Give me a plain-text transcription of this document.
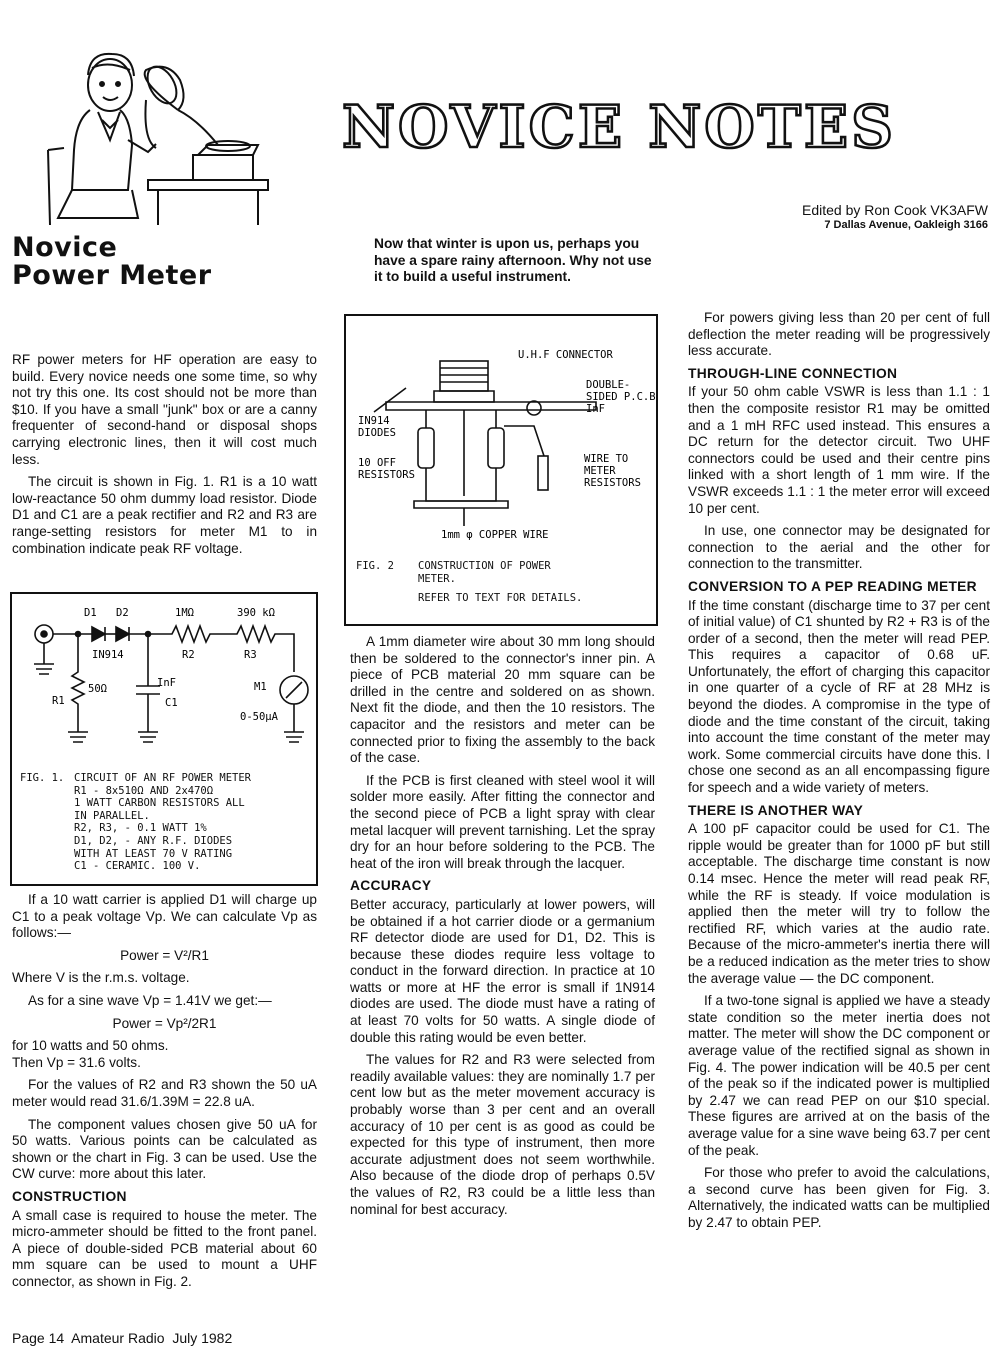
NOVICE NOTES
Edited by Ron Cook VK3AFW
7 Dallas Avenue, Oakleigh 3166
Novice
Power Meter
Now that winter is upon us, perhaps you have a spare rainy afternoon. Why not use it to build a useful instrument.

RF power meters for HF operation are easy to build. Every novice needs one some time, so why not try this one. Its cost should not be more than $10. If you have a small "junk" box or are a canny frequenter of second-hand or disposal shops carrying electronic lines, then it will cost much less.

The circuit is shown in Fig. 1. R1 is a 10 watt low-reactance 50 ohm dummy load resistor. Diode D1 and C1 are a peak rectifier and R2 and R3 are range-setting resistors for meter M1 to in combination indicate peak RF voltage.

D1 D2	1MΩ	390 kΩ
IN914	R2	R3
InF
C1
50Ω
R1
M1
0-50µA
FIG. 1. CIRCUIT OF AN RF POWER METER
R1 - 8x510Ω AND 2x470Ω
1 WATT CARBON RESISTORS ALL
IN PARALLEL.
R2, R3, - 0.1 WATT 1%
D1, D2, - ANY R.F. DIODES
WITH AT LEAST 70 V RATING
C1 - CERAMIC. 100 V.

If a 10 watt carrier is applied D1 will charge up C1 to a peak voltage Vp. We can calculate Vp as follows:—

Power = V²/R1

Where V is the r.m.s. voltage.

As for a sine wave Vp = 1.41V we get:—

Power = Vp²/2R1

for 10 watts and 50 ohms.

Then Vp = 31.6 volts.

For the values of R2 and R3 shown the 50 uA meter would read 31.6/1.39M = 22.8 uA.

The component values chosen give 50 uA for 50 watts. Various points can be calculated as shown or the chart in Fig. 3 can be used. Use the CW curve: more about this later.

CONSTRUCTION

A small case is required to house the meter. The micro-ammeter should be fitted to the front panel. A piece of double-sided PCB material about 60 mm square can be used to mount a UHF connector, as shown in Fig. 2.

U.H.F CONNECTOR
DOUBLE-
SIDED P.C.B
InF
IN914
DIODES
10 OFF
RESISTORS
WIRE TO
METER
RESISTORS
1mm φ COPPER WIRE
FIG. 2 CONSTRUCTION OF POWER
METER.
REFER TO TEXT FOR DETAILS.

A 1mm diameter wire about 30 mm long should then be soldered to the connector's inner pin. A piece of PCB material 20 mm square can be drilled in the centre and soldered on as shown. Next fit the diode, and then the 10 resistors. The capacitor and the resistors and meter can be connected prior to fixing the assembly to the back of the case.

If the PCB is first cleaned with steel wool it will solder more easily. After fitting the connector and the second piece of PCB a light spray with clear metal lacquer will prevent tarnishing. Let the spray dry for an hour before soldering to the PCB. The heat of the iron will break through the lacquer.

ACCURACY

Better accuracy, particularly at lower powers, will be obtained if a hot carrier diode or a germanium RF detector diode are used for D1, D2. This is because these diodes require less voltage to conduct in the forward direction. In practice at 10 watts or more at HF the error is small if 1N914 diodes are used. The diode must have a rating of at least 70 volts for 50 watts. A single diode of double this rating would be even better.

The values for R2 and R3 were selected from readily available values: they are nominally 1.7 per cent low but as the meter movement accuracy is probably worse than 3 per cent and an overall accuracy of 10 per cent is as good as could be expected for this type of instrument, then more accurate adjustment does not seem worthwhile. Also because of the diode drop of perhaps 0.5V the values of R2, R3 could be a little less than nominal for best accuracy.

For powers giving less than 20 per cent of full deflection the meter reading will be progressively less accurate.

THROUGH-LINE CONNECTION

If your 50 ohm cable VSWR is less than 1.1 : 1 then the composite resistor R1 may be omitted and a 1 mH RFC used instead. This ensures a DC return for the detector circuit. Two UHF connectors could be used and their centre pins linked with a short length of 1 mm wire. If the VSWR exceeds 1.1 : 1 the meter error will exceed 10 per cent.

In use, one connector may be designated for connection to the aerial and the other for connection to the transmitter.

CONVERSION TO A PEP READING METER

If the time constant (discharge time to 37 per cent of initial value) of C1 shunted by R2 + R3 is of the order of a second, then the meter will read PEP. This requires a capacitor of 0.68 uF. Unfortunately, the effort of charging this capacitor in one quarter of a cycle of RF at 28 MHz is beyond the diodes. A compromise in the type of diode and the time constant of the circuit, taking into account the time constant of the meter may work. Some commercial circuits have done this. I chose one second as an all encompassing figure for speech and a wide variety of meters.

THERE IS ANOTHER WAY

A 100 pF capacitor could be used for C1. The ripple would be greater than for 1000 pF but still acceptable. The discharge time constant is now 0.14 msec. Hence the meter will read peak RF, while the RF is steady. If voice modulation is applied then the meter will try to follow the rectified RF, which varies at the audio rate. Because of the micro-ammeter's inertia there will be a reduced indication as the meter tries to show the average value — the DC component.

If a two-tone signal is applied we have a steady state condition so the meter inertia does not matter. The meter will show the DC component or average value of the rectified signal as shown in Fig. 4. The power indication will be 40.5 per cent of the peak so if the indicated power is multiplied by 2.47 we can read PEP on our $10 special. These figures are arrived at on the basis of the average value for a sine wave being 63.7 per cent of the peak.

For those who prefer to avoid the calculations, a second curve has been given for Fig. 3. Alternatively, the indicated watts can be multiplied by 2.47 to obtain PEP.

Page 14  Amateur Radio  July 1982
